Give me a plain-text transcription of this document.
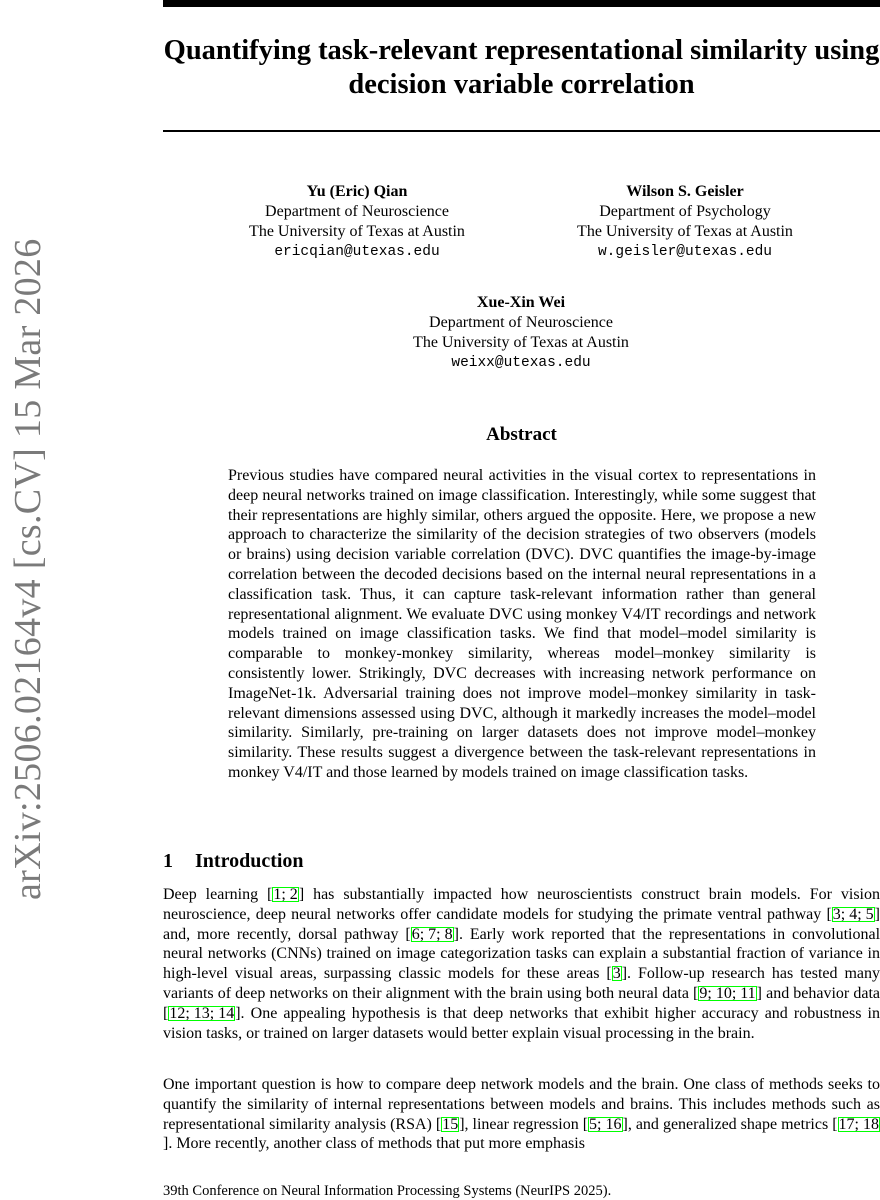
Quantifying task-relevant representational similarity using decision variable correlation
Yu (Eric) Qian
Department of Neuroscience
The University of Texas at Austin
ericqian@utexas.edu
Wilson S. Geisler
Department of Psychology
The University of Texas at Austin
w.geisler@utexas.edu
Xue-Xin Wei
Department of Neuroscience
The University of Texas at Austin
weixx@utexas.edu
Abstract
Previous studies have compared neural activities in the visual cortex to representations in deep neural networks trained on image classification. Interestingly, while some suggest that their representations are highly similar, others argued the opposite. Here, we propose a new approach to characterize the similarity of the decision strategies of two observers (models or brains) using decision variable correlation (DVC). DVC quantifies the image-by-image correlation between the decoded decisions based on the internal neural representations in a classification task. Thus, it can capture task-relevant information rather than general representational alignment. We evaluate DVC using monkey V4/IT recordings and network models trained on image classification tasks. We find that model–model similarity is comparable to monkey-monkey similarity, whereas model–monkey similarity is consistently lower. Strikingly, DVC decreases with increasing network performance on ImageNet-1k. Adversarial training does not improve model–monkey similarity in task-relevant dimensions assessed using DVC, although it markedly increases the model–model similarity. Similarly, pre-training on larger datasets does not improve model–monkey similarity. These results suggest a divergence between the task-relevant representations in monkey V4/IT and those learned by models trained on image classification tasks.
1 Introduction

Deep learning [1; 2] has substantially impacted how neuroscientists construct brain models. For vision neuroscience, deep neural networks offer candidate models for studying the primate ventral pathway [3; 4; 5] and, more recently, dorsal pathway [6; 7; 8]. Early work reported that the representations in convolutional neural networks (CNNs) trained on image categorization tasks can explain a substantial fraction of variance in high-level visual areas, surpassing classic models for these areas [3]. Follow-up research has tested many variants of deep networks on their alignment with the brain using both neural data [9; 10; 11] and behavior data [12; 13; 14]. One appealing hypothesis is that deep networks that exhibit higher accuracy and robustness in vision tasks, or trained on larger datasets would better explain visual processing in the brain.

One important question is how to compare deep network models and the brain. One class of methods seeks to quantify the similarity of internal representations between models and brains. This includes methods such as representational similarity analysis (RSA) [15], linear regression [5; 16], and generalized shape metrics [17; 18]. More recently, another class of methods that put more emphasis

39th Conference on Neural Information Processing Systems (NeurIPS 2025).
arXiv:2506.02164v4 [cs.CV] 15 Mar 2026
